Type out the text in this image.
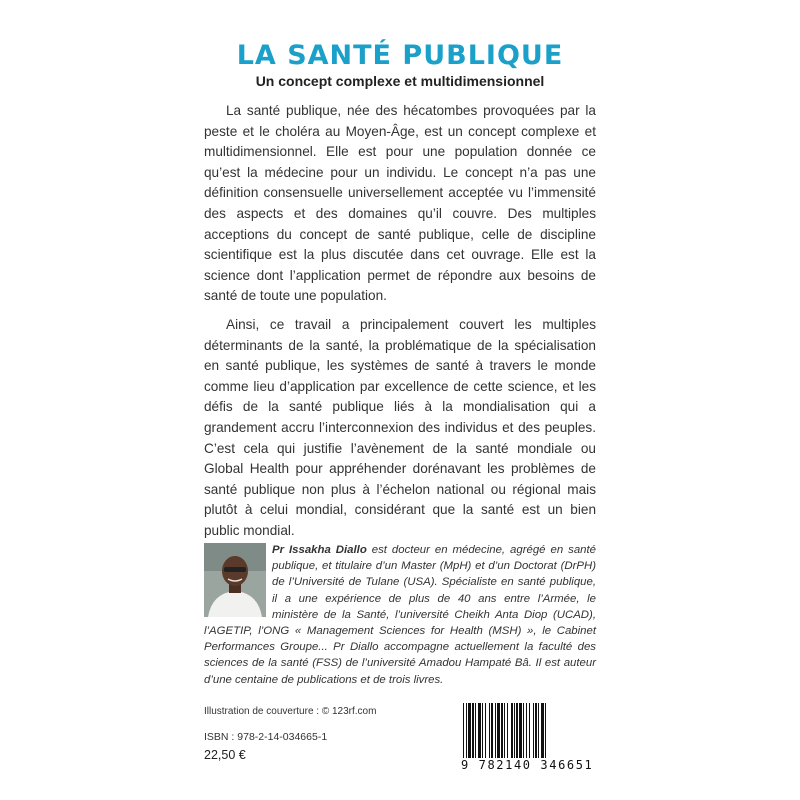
LA SANTÉ PUBLIQUE
Un concept complexe et multidimensionnel

La santé publique, née des hécatombes provoquées par la peste et le choléra au Moyen-Âge, est un concept complexe et multidimensionnel. Elle est pour une population donnée ce qu’est la médecine pour un individu. Le concept n’a pas une définition consensuelle universellement acceptée vu l’immensité des aspects et des domaines qu’il couvre. Des multiples acceptions du concept de santé publique, celle de discipline scientifique est la plus discutée dans cet ouvrage. Elle est la science dont l’application permet de répondre aux besoins de santé de toute une population.

Ainsi, ce travail a principalement couvert les multiples déterminants de la santé, la problématique de la spécialisation en santé publique, les systèmes de santé à travers le monde comme lieu d’application par excellence de cette science, et les défis de la santé publique liés à la mondialisation qui a grandement accru l’interconnexion des individus et des peuples. C’est cela qui justifie l’avènement de la santé mondiale ou Global Health pour appréhender dorénavant les problèmes de santé publique non plus à l’échelon national ou régional mais plutôt à celui mondial, considérant que la santé est un bien public mondial.

Pr Issakha Diallo est docteur en médecine, agrégé en santé publique, et titulaire d’un Master (MpH) et d’un Doctorat (DrPH) de l’Université de Tulane (USA). Spécialiste en santé publique, il a une expérience de plus de 40 ans entre l’Armée, le ministère de la Santé, l’université Cheikh Anta Diop (UCAD), l’AGETIP, l’ONG « Management Sciences for Health (MSH) », le Cabinet Performances Groupe... Pr Diallo accompagne actuellement la faculté des sciences de la santé (FSS) de l’université Amadou Hampaté Bâ. Il est auteur d’une centaine de publications et de trois livres.

Illustration de couverture : © 123rf.com
ISBN : 978-2-14-034665-1
22,50 €
9 782140 346651
